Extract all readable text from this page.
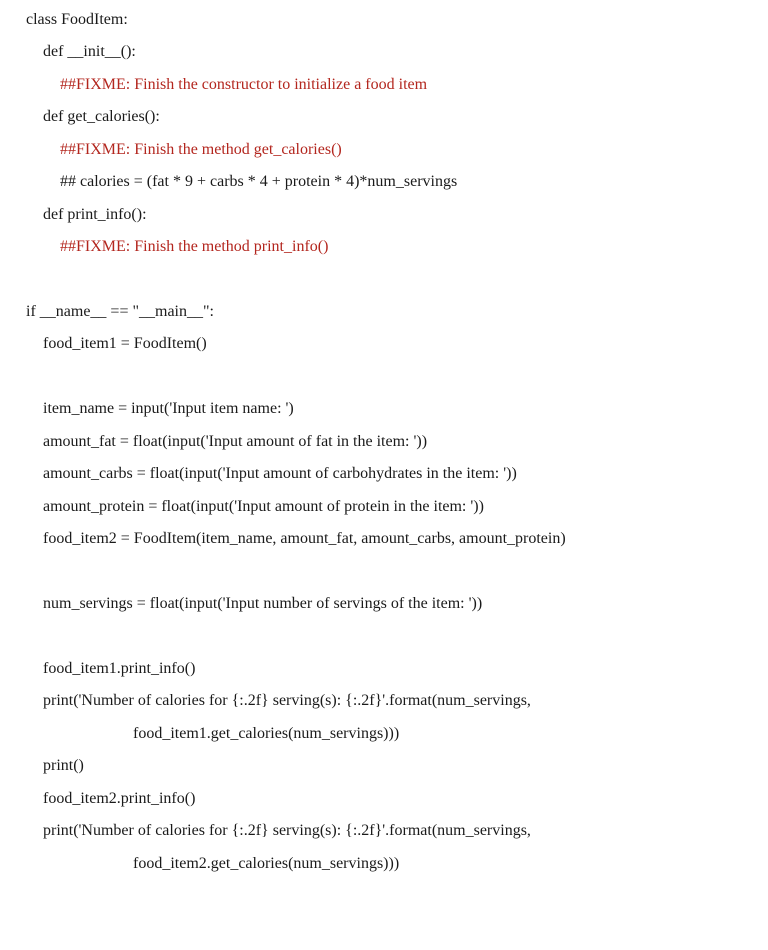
class FoodItem:
def __init__():
##FIXME: Finish the constructor to initialize a food item
def get_calories():
##FIXME: Finish the method get_calories()
## calories = (fat * 9 + carbs * 4 + protein * 4)*num_servings
def print_info():
##FIXME: Finish the method print_info()
if __name__ == "__main__":
food_item1 = FoodItem()
item_name = input('Input item name: ')
amount_fat = float(input('Input amount of fat in the item: '))
amount_carbs = float(input('Input amount of carbohydrates in the item: '))
amount_protein = float(input('Input amount of protein in the item: '))
food_item2 = FoodItem(item_name, amount_fat, amount_carbs, amount_protein)
num_servings = float(input('Input number of servings of the item: '))
food_item1.print_info()
print('Number of calories for {:.2f} serving(s): {:.2f}'.format(num_servings,
food_item1.get_calories(num_servings)))
print()
food_item2.print_info()
print('Number of calories for {:.2f} serving(s): {:.2f}'.format(num_servings,
food_item2.get_calories(num_servings)))
